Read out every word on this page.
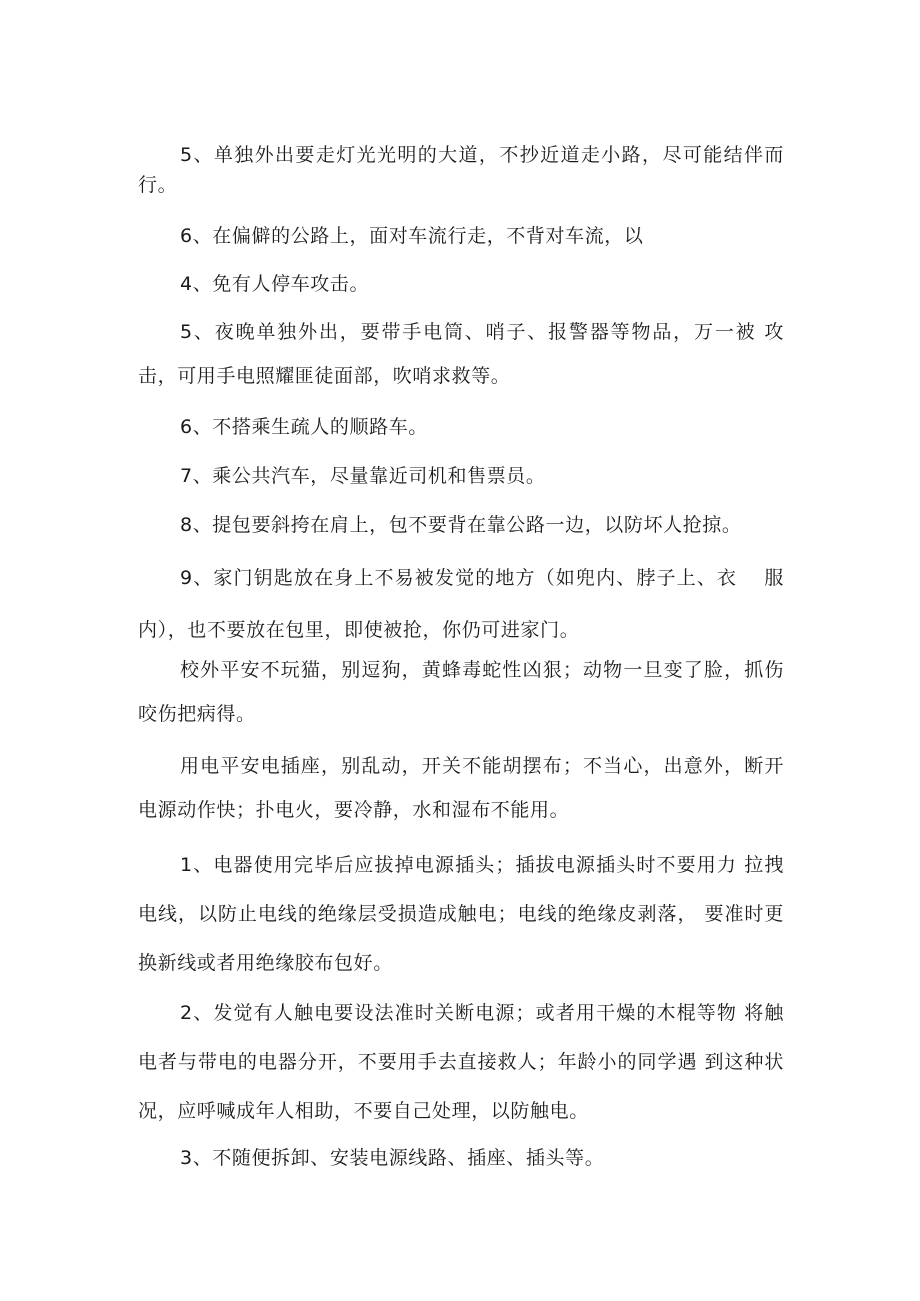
5、单独外出要走灯光光明的大道，不抄近道走小路，尽可能结伴而行。

6、在偏僻的公路上，面对车流行走，不背对车流，以

4、免有人停车攻击。

5、夜晚单独外出，要带手电筒、哨子、报警器等物品，万一被 攻击，可用手电照耀匪徒面部，吹哨求救等。

6、不搭乘生疏人的顺路车。

7、乘公共汽车，尽量靠近司机和售票员。

8、提包要斜挎在肩上，包不要背在靠公路一边，以防坏人抢掠。

9、家门钥匙放在身上不易被发觉的地方（如兜内、脖子上、衣　 服内），也不要放在包里，即使被抢，你仍可进家门。

校外平安不玩猫，别逗狗，黄蜂毒蛇性凶狠；动物一旦变了脸，抓伤咬伤把病得。

用电平安电插座，别乱动，开关不能胡摆布；不当心，出意外，断开电源动作快；扑电火，要冷静，水和湿布不能用。

1、电器使用完毕后应拔掉电源插头；插拔电源插头时不要用力 拉拽电线，以防止电线的绝缘层受损造成触电；电线的绝缘皮剥落， 要准时更换新线或者用绝缘胶布包好。

2、发觉有人触电要设法准时关断电源；或者用干燥的木棍等物 将触电者与带电的电器分开，不要用手去直接救人；年龄小的同学遇 到这种状况，应呼喊成年人相助，不要自己处理，以防触电。

3、不随便拆卸、安装电源线路、插座、插头等。
